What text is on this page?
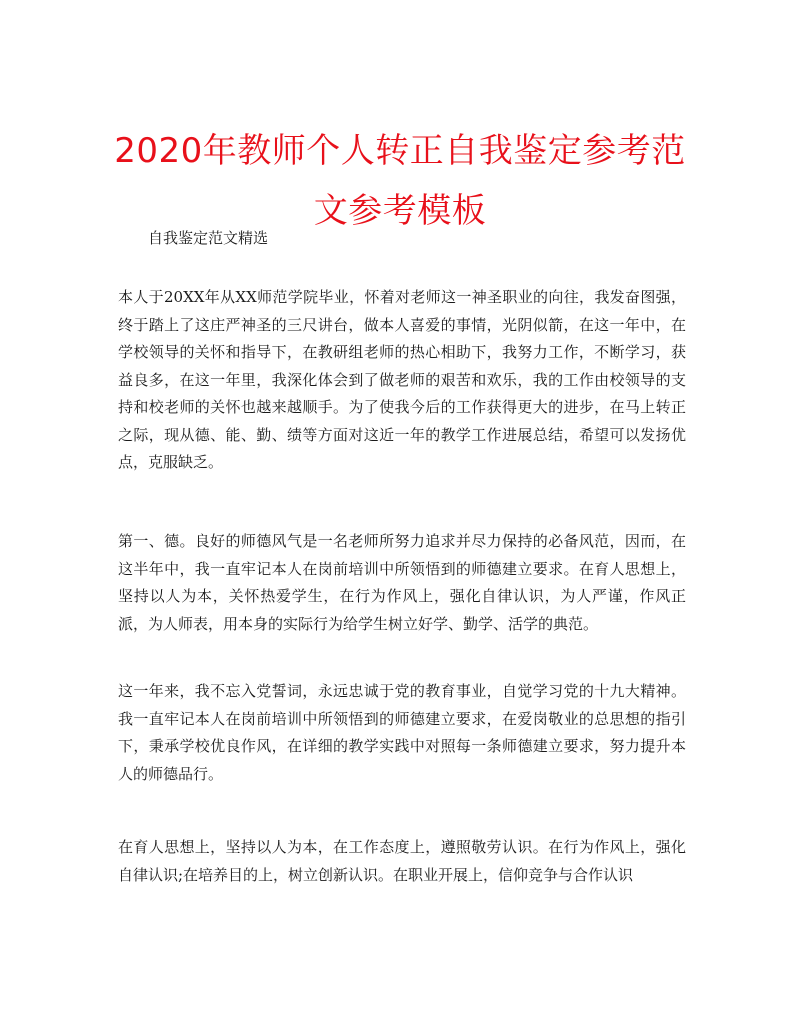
2020年教师个人转正自我鉴定参考范文参考模板
自我鉴定范文精选

本人于20XX年从XX师范学院毕业，怀着对老师这一神圣职业的向往，我发奋图强，终于踏上了这庄严神圣的三尺讲台，做本人喜爱的事情，光阴似箭，在这一年中，在学校领导的关怀和指导下，在教研组老师的热心相助下，我努力工作，不断学习，获益良多，在这一年里，我深化体会到了做老师的艰苦和欢乐，我的工作由校领导的支持和校老师的关怀也越来越顺手。为了使我今后的工作获得更大的进步，在马上转正之际，现从德、能、勤、绩等方面对这近一年的教学工作进展总结，希望可以发扬优点，克服缺乏。

第一、德。良好的师德风气是一名老师所努力追求并尽力保持的必备风范，因而，在这半年中，我一直牢记本人在岗前培训中所领悟到的师德建立要求。在育人思想上，坚持以人为本，关怀热爱学生，在行为作风上，强化自律认识，为人严谨，作风正派，为人师表，用本身的实际行为给学生树立好学、勤学、活学的典范。

这一年来，我不忘入党誓词，永远忠诚于党的教育事业，自觉学习党的十九大精神。我一直牢记本人在岗前培训中所领悟到的师德建立要求，在爱岗敬业的总思想的指引下，秉承学校优良作风，在详细的教学实践中对照每一条师德建立要求，努力提升本人的师德品行。

在育人思想上，坚持以人为本，在工作态度上，遵照敬劳认识。在行为作风上，强化自律认识;在培养目的上，树立创新认识。在职业开展上，信仰竞争与合作认识
